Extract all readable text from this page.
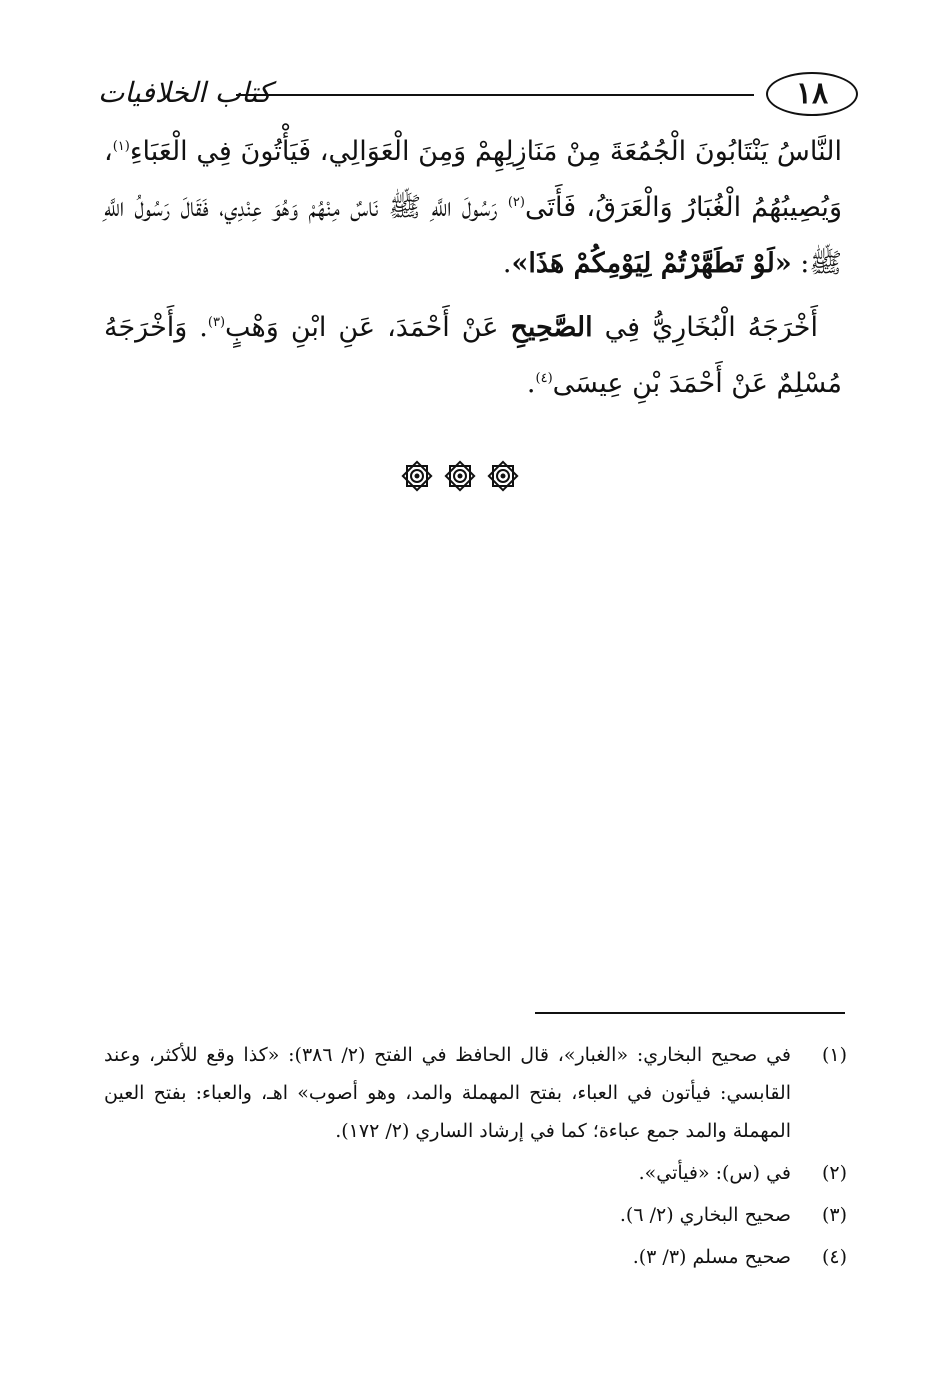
كتاب الخلافيات	١٨

النَّاسُ يَنْتَابُونَ الْجُمُعَةَ مِنْ مَنَازِلِهِمْ وَمِنَ الْعَوَالِي، فَيَأْتُونَ فِي الْعَبَاءِ$^{(١)}$، وَيُصِيبُهُمُ الْغُبَارُ وَالْعَرَقُ، فَأَتَى$^{(٢)}$ رَسُولَ اللَّهِ ﷺ نَاسٌ مِنْهُمْ وَهُوَ عِنْدِي، فَقَالَ رَسُولُ اللَّهِ ﷺ: «لَوْ تَطَهَّرْتُمْ لِيَوْمِكُمْ هَذَا».

أَخْرَجَهُ الْبُخَارِيُّ فِي الصَّحِيحِ عَنْ أَحْمَدَ، عَنِ ابْنِ وَهْبٍ$^{(٣)}$. وَأَخْرَجَهُ مُسْلِمٌ عَنْ أَحْمَدَ بْنِ عِيسَى$^{(٤)}$.

(١)
في صحيح البخاري: «الغبار»، قال الحافظ في الفتح (٢/ ٣٨٦): «كذا وقع للأكثر، وعند القابسي: فيأتون في العباء، بفتح المهملة والمد، وهو أصوب» اهـ، والعباء: بفتح العين المهملة والمد جمع عباءة؛ كما في إرشاد الساري (٢/ ١٧٢).
(٢)
في (س): «فيأتي».
(٣)
صحيح البخاري (٢/ ٦).
(٤)
صحيح مسلم (٣/ ٣).
